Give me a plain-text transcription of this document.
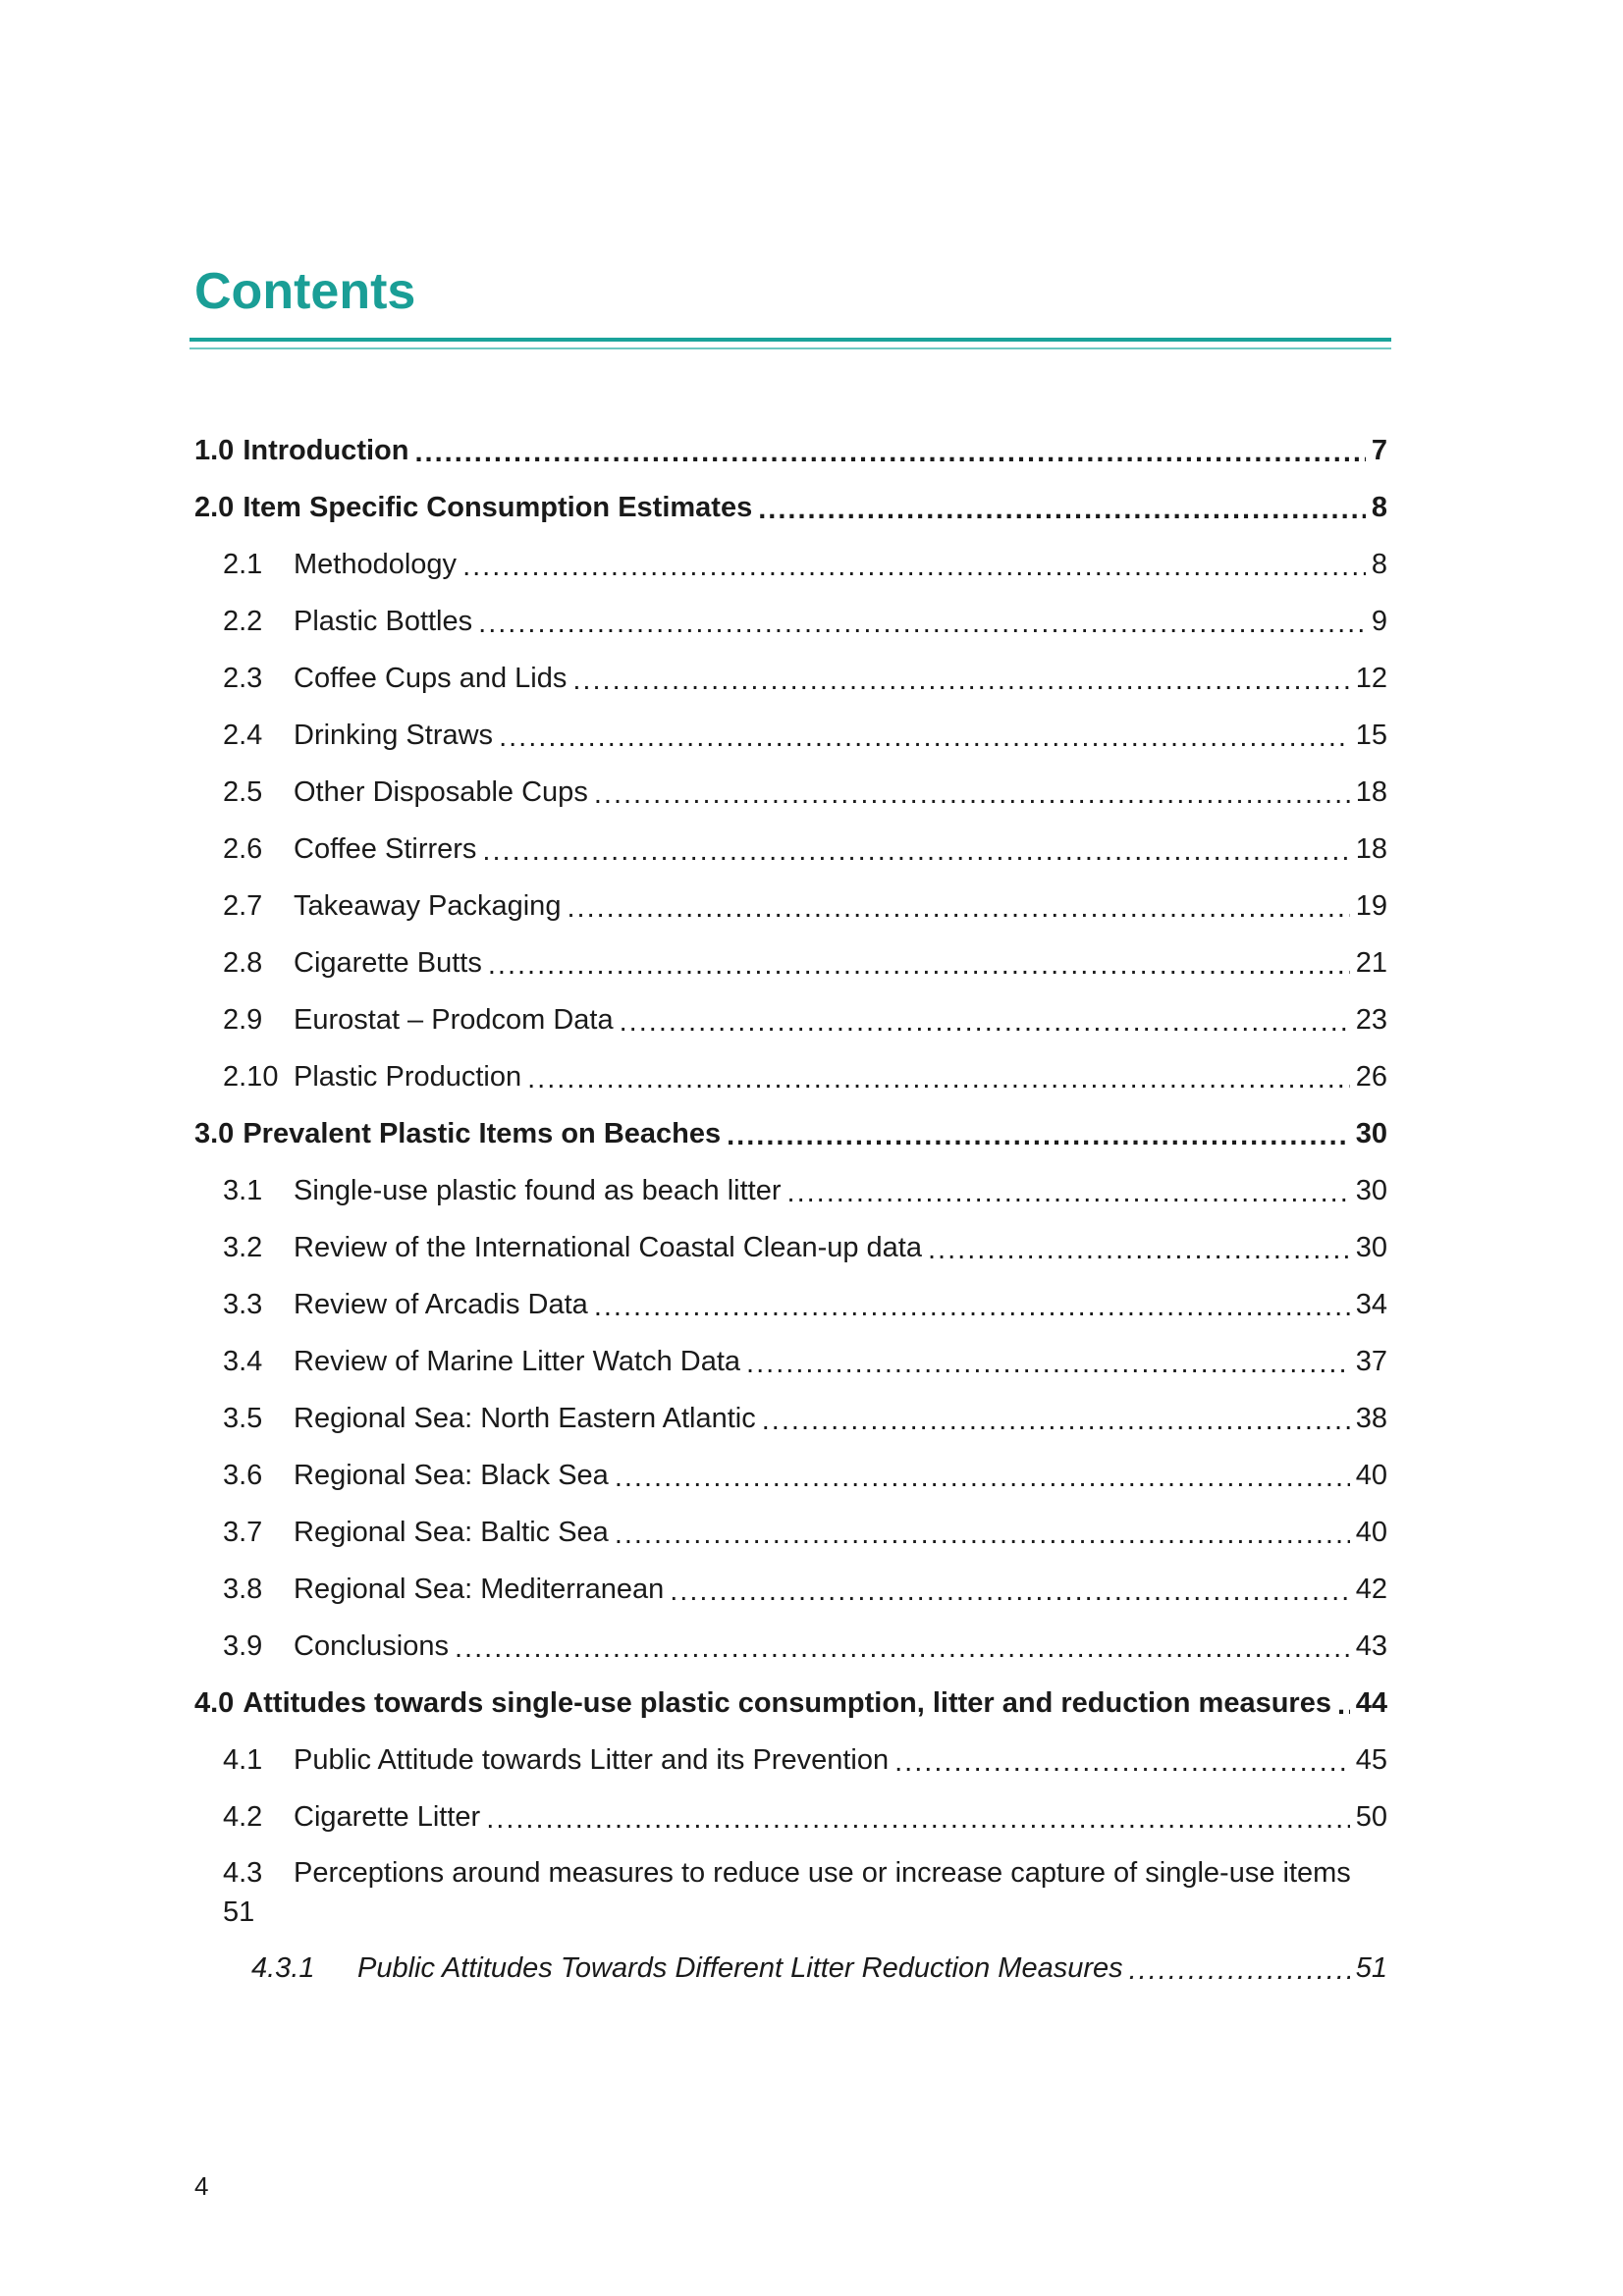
Contents
1.0 Introduction .....	7
2.0 Item Specific Consumption Estimates .....	8
2.1	Methodology .....	8
2.2	Plastic Bottles .....	9
2.3	Coffee Cups and Lids .....	12
2.4	Drinking Straws .....	15
2.5	Other Disposable Cups .....	18
2.6	Coffee Stirrers .....	18
2.7	Takeaway Packaging .....	19
2.8	Cigarette Butts .....	21
2.9	Eurostat – Prodcom Data .....	23
2.10 Plastic Production .....	26
3.0 Prevalent Plastic Items on Beaches .....	30
3.1	Single-use plastic found as beach litter .....	30
3.2	Review of the International Coastal Clean-up data .....	30
3.3	Review of Arcadis Data .....	34
3.4	Review of Marine Litter Watch Data .....	37
3.5	Regional Sea: North Eastern Atlantic .....	38
3.6	Regional Sea: Black Sea .....	40
3.7	Regional Sea: Baltic Sea .....	40
3.8	Regional Sea: Mediterranean .....	42
3.9	Conclusions .....	43
4.0 Attitudes towards single-use plastic consumption, litter and reduction measures ..... 44
4.1	Public Attitude towards Litter and its Prevention .....	45
4.2	Cigarette Litter .....	50
4.3 Perceptions around measures to reduce use or increase capture of single-use items 51
4.3.1	Public Attitudes Towards Different Litter Reduction Measures .....	51
4
